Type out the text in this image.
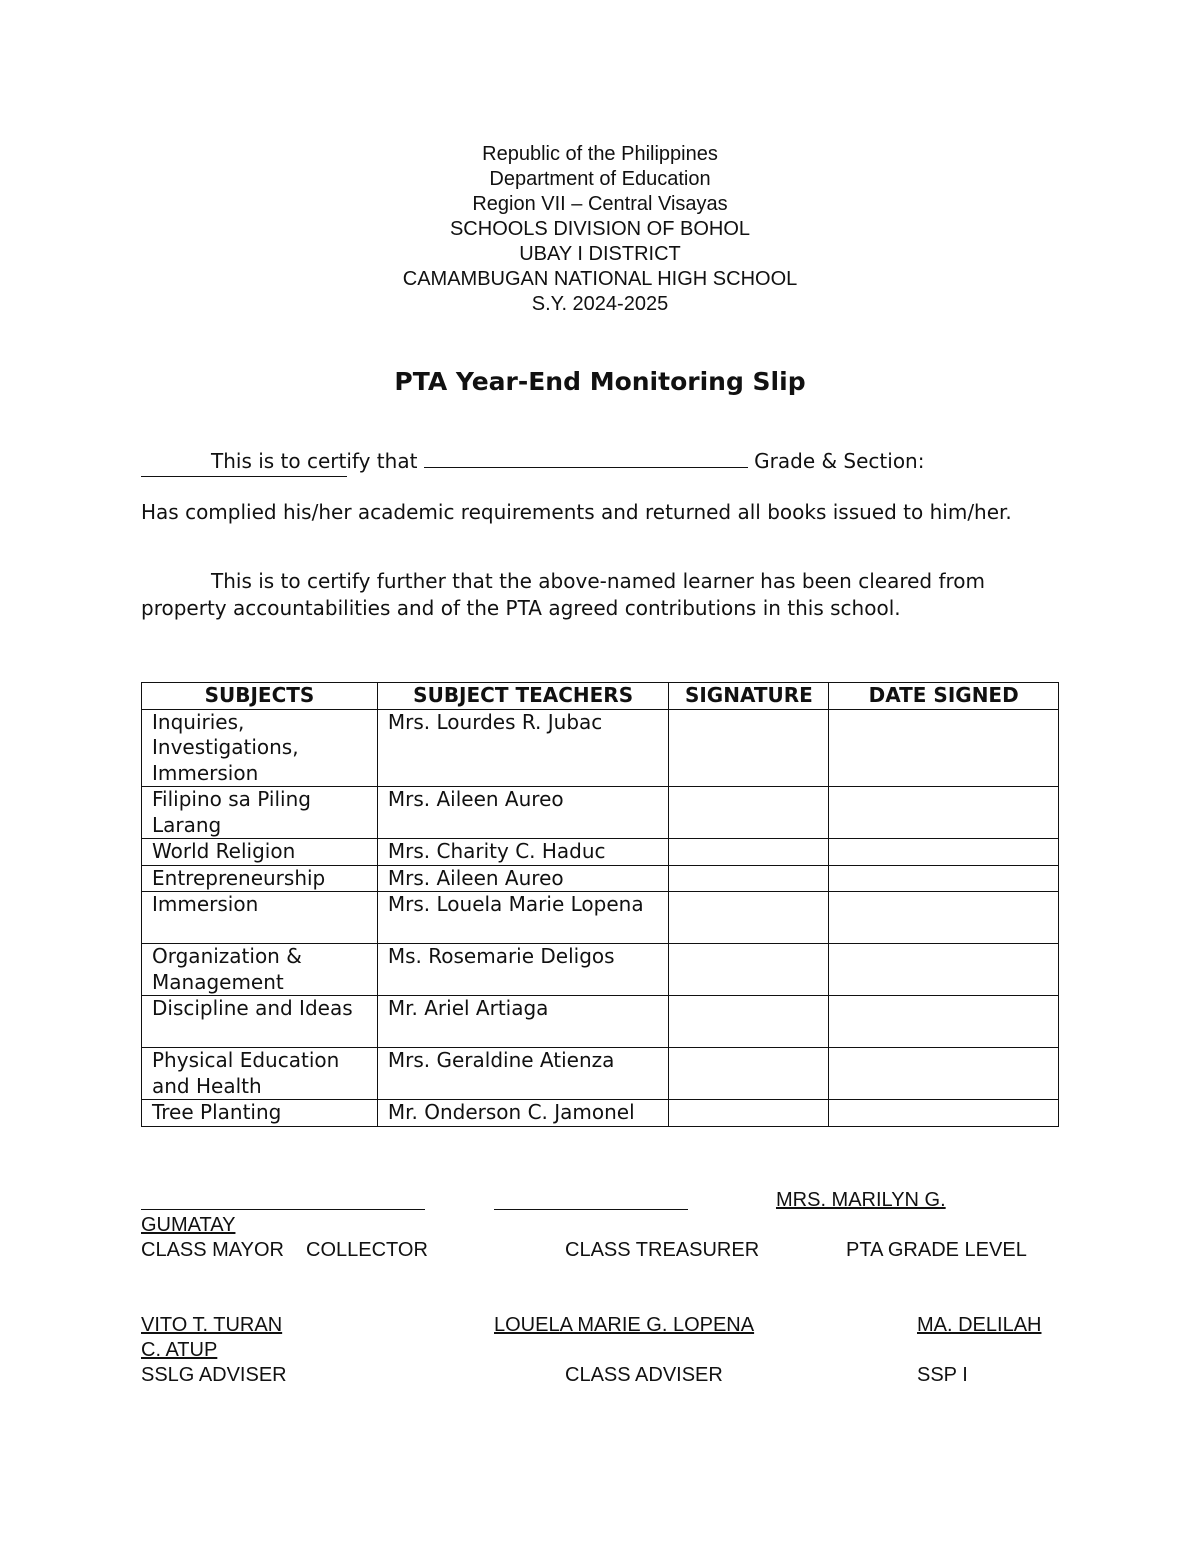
Republic of the Philippines
Department of Education
Region VII – Central Visayas
SCHOOLS DIVISION OF BOHOL
UBAY I DISTRICT
CAMAMBUGAN NATIONAL HIGH SCHOOL
S.Y. 2024-2025
PTA Year-End Monitoring Slip
This is to certify that	Grade & Section:
Has complied his/her academic requirements and returned all books issued to him/her.
This is to certify further that the above-named learner has been cleared from property accountabilities and of the PTA agreed contributions in this school.
SUBJECTS	SUBJECT TEACHERS	SIGNATURE	DATE SIGNED
Inquiries, Investigations, Immersion	Mrs. Lourdes R. Jubac		
Filipino sa Piling Larang	Mrs. Aileen Aureo		
World Religion	Mrs. Charity C. Haduc		
Entrepreneurship	Mrs. Aileen Aureo		
Immersion	Mrs. Louela Marie Lopena		
Organization & Management	Ms. Rosemarie Deligos		
Discipline and Ideas	Mr. Ariel Artiaga		
Physical Education and Health	Mrs. Geraldine Atienza		
Tree Planting	Mr. Onderson C. Jamonel		
MRS. MARILYN G.
GUMATAY
CLASS MAYOR COLLECTOR	CLASS TREASURER	PTA GRADE LEVEL
VITO T. TURAN	LOUELA MARIE G. LOPENA	MA. DELILAH
C. ATUP
SSLG ADVISER	CLASS ADVISER	SSP I
